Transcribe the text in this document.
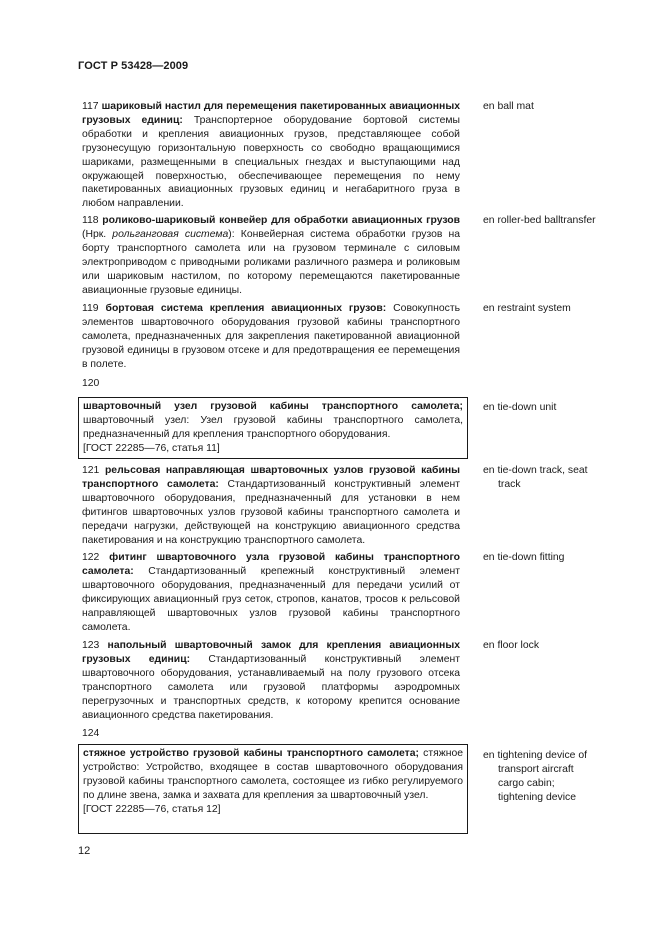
ГОСТ Р 53428—2009
117 шариковый настил для перемещения пакетированных авиационных грузовых единиц: Транспортерное оборудование бортовой системы обработки и крепления авиационных грузов, представляющее собой грузонесущую горизонтальную поверхность со свободно вращающимися шариками, размещенными в специальных гнездах и выступающими над окружающей поверхностью, обеспечивающее перемещения по нему пакетированных авиационных грузовых единиц и негабаритного груза в любом направлении.
en ball mat
118 роликово-шариковый конвейер для обработки авиационных грузов (Нрк. рольганговая система): Конвейерная система обработки грузов на борту транспортного самолета или на грузовом терминале с силовым электроприводом с приводными роликами различного размера и роликовым или шариковым настилом, по которому перемещаются пакетированные авиационные грузовые единицы.
en roller-bed balltransfer
119 бортовая система крепления авиационных грузов: Совокупность элементов швартовочного оборудования грузовой кабины транспортного самолета, предназначенных для закрепления пакетированной авиационной грузовой единицы в грузовом отсеке и для предотвращения ее перемещения в полете.
en restraint system
120
швартовочный узел грузовой кабины транспортного самолета; швартовочный узел: Узел грузовой кабины транспортного самолета, предназначенный для крепления транспортного оборудования.
[ГОСТ 22285—76, статья 11]
en tie-down unit
121 рельсовая направляющая швартовочных узлов грузовой кабины транспортного самолета: Стандартизованный конструктивный элемент швартовочного оборудования, предназначенный для установки в нем фитингов швартовочных узлов грузовой кабины транспортного самолета и передачи нагрузки, действующей на конструкцию авиационного средства пакетирования и на конструкцию транспортного самолета.
en tie-down track, seat
track
122 фитинг швартовочного узла грузовой кабины транспортного самолета: Стандартизованный крепежный конструктивный элемент швартовочного оборудования, предназначенный для передачи усилий от фиксирующих авиационный груз сеток, стропов, канатов, тросов к рельсовой направляющей швартовочных узлов грузовой кабины транспортного самолета.
en tie-down fitting
123 напольный швартовочный замок для крепления авиационных грузовых единиц: Стандартизованный конструктивный элемент швартовочного оборудования, устанавливаемый на полу грузового отсека транспортного самолета или грузовой платформы аэродромных перегрузочных и транспортных средств, к которому крепится основание авиационного средства пакетирования.
en floor lock
124
стяжное устройство грузовой кабины транспортного самолета; стяжное устройство: Устройство, входящее в состав швартовочного оборудования грузовой кабины транспортного самолета, состоящее из гибко регулируемого по длине звена, замка и захвата для крепления за швартовочный узел.
[ГОСТ 22285—76, статья 12]
en tightening device of
transport aircraft
cargo cabin;
tightening device
12
